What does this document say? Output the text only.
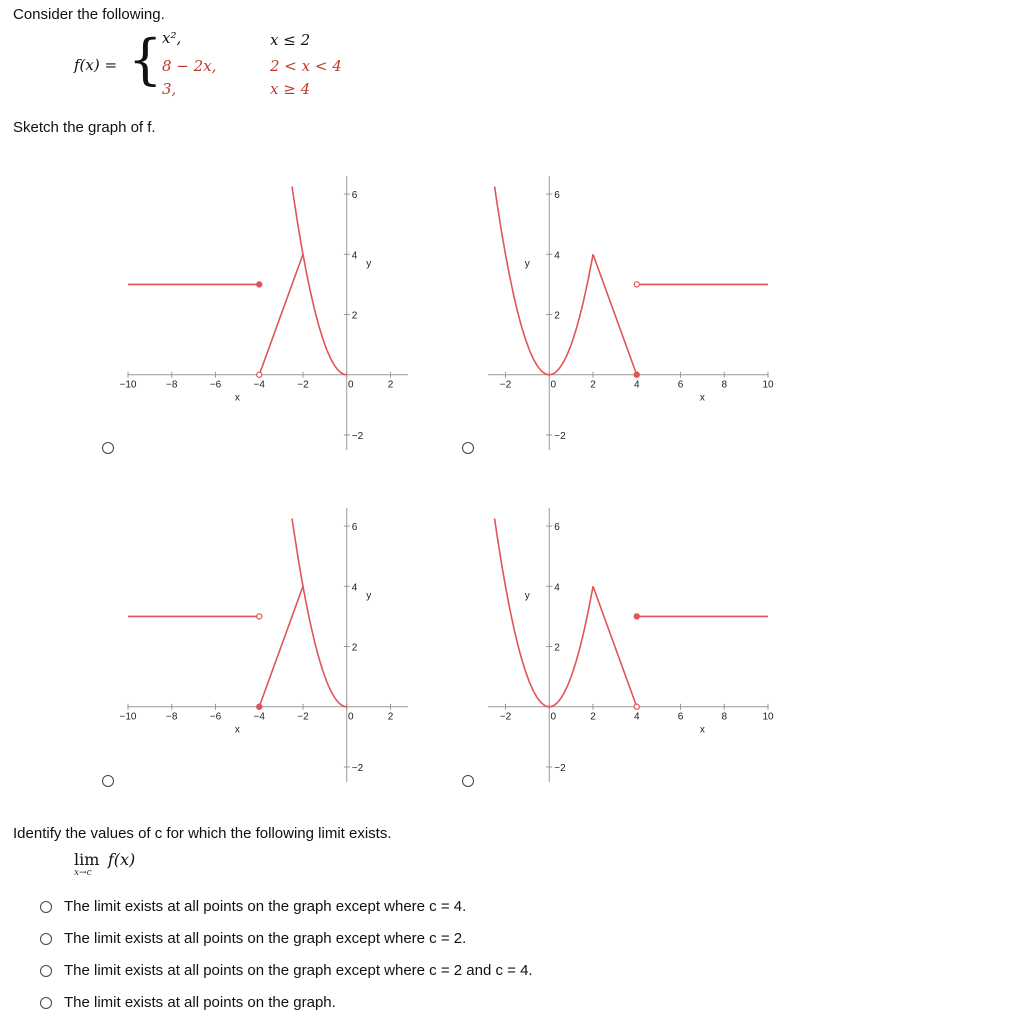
Consider the following.
f(x) = { x²,	x ≤ 2
8 − 2x,	2 < x < 4
3,	x ≥ 4
Sketch the graph of f.
−10	−8	−6	−4	−2	0	2
−2
2
4
6
x
y
−2	0	2	4	6	8	10
−2
2
4
6
x
y
−10	−8	−6	−4	−2	0	2
−2
2
4
6
x
y
−2	0	2	4	6	8	10
−2
2
4
6
x
y
Identify the values of c for which the following limit exists.
lim f(x)
x→c
The limit exists at all points on the graph except where c = 4.
The limit exists at all points on the graph except where c = 2.
The limit exists at all points on the graph except where c = 2 and c = 4.
The limit exists at all points on the graph.
